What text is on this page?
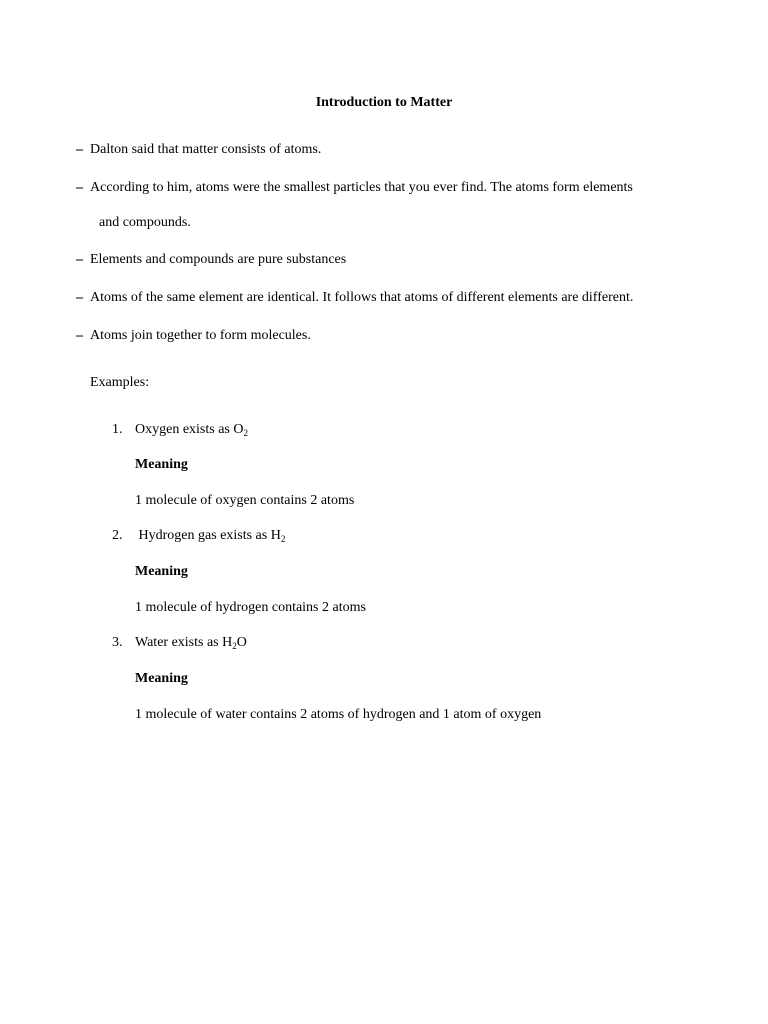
Introduction to Matter
– Dalton said that matter consists of atoms.
– According to him, atoms were the smallest particles that you ever find. The atoms form elements
and compounds.
– Elements and compounds are pure substances
– Atoms of the same element are identical. It follows that atoms of different elements are different.
– Atoms join together to form molecules.
Examples:
1. Oxygen exists as $O_2$
Meaning
1 molecule of oxygen contains 2 atoms
2. Hydrogen gas exists as $H_2$
Meaning
1 molecule of hydrogen contains 2 atoms
3. Water exists as $H_2O$
Meaning
1 molecule of water contains 2 atoms of hydrogen and 1 atom of oxygen
